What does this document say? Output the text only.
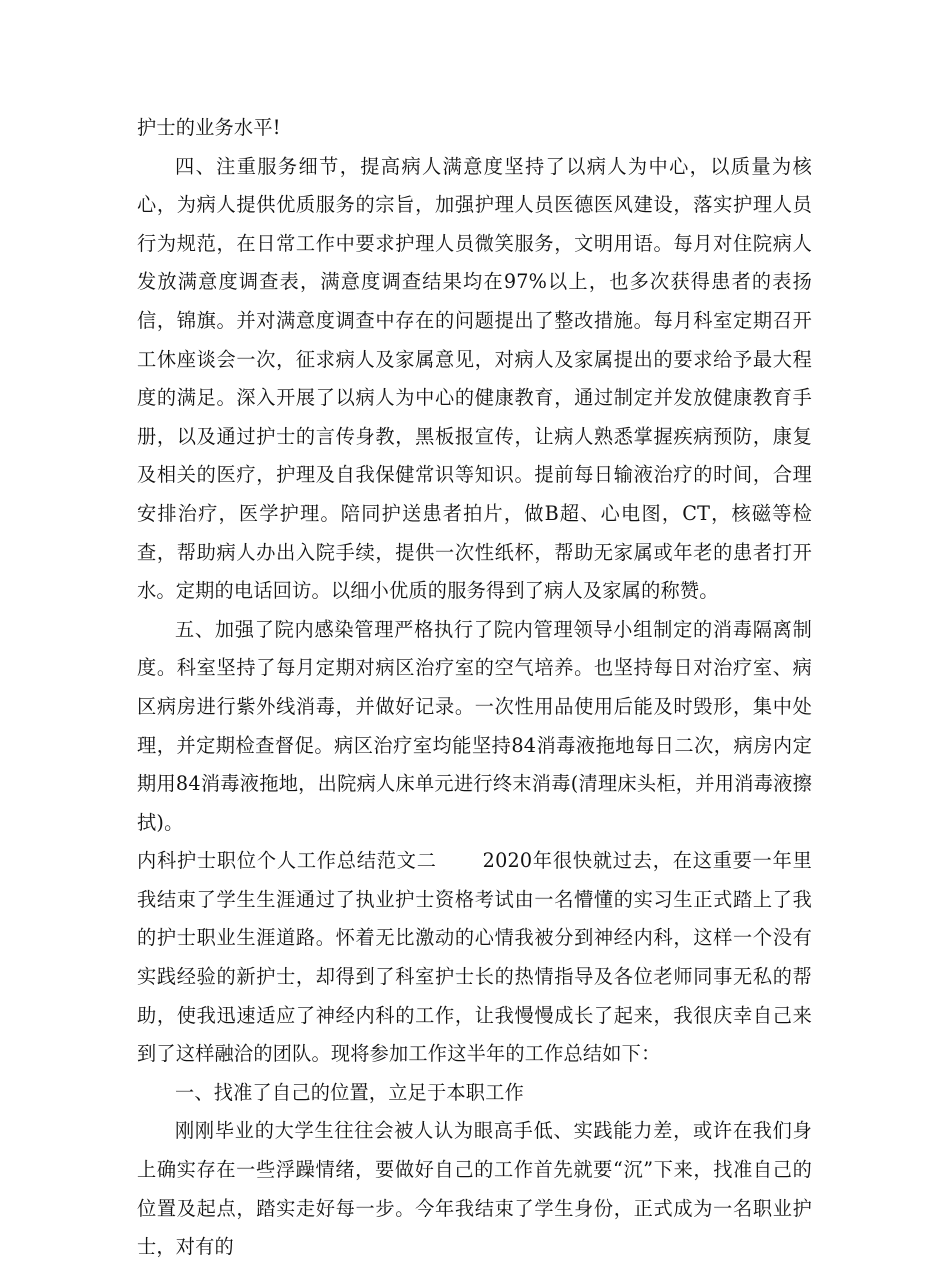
护士的业务水平!

四、注重服务细节，提高病人满意度坚持了以病人为中心，以质量为核心，为病人提供优质服务的宗旨，加强护理人员医德医风建设，落实护理人员行为规范，在日常工作中要求护理人员微笑服务，文明用语。每月对住院病人发放满意度调查表，满意度调查结果均在97%以上，也多次获得患者的表扬信，锦旗。并对满意度调查中存在的问题提出了整改措施。每月科室定期召开工休座谈会一次，征求病人及家属意见，对病人及家属提出的要求给予最大程度的满足。深入开展了以病人为中心的健康教育，通过制定并发放健康教育手册，以及通过护士的言传身教，黑板报宣传，让病人熟悉掌握疾病预防，康复及相关的医疗，护理及自我保健常识等知识。提前每日输液治疗的时间，合理安排治疗，医学护理。陪同护送患者拍片，做B超、心电图，CT，核磁等检查，帮助病人办出入院手续，提供一次性纸杯，帮助无家属或年老的患者打开水。定期的电话回访。以细小优质的服务得到了病人及家属的称赞。

五、加强了院内感染管理严格执行了院内管理领导小组制定的消毒隔离制度。科室坚持了每月定期对病区治疗室的空气培养。也坚持每日对治疗室、病区病房进行紫外线消毒，并做好记录。一次性用品使用后能及时毁形，集中处理，并定期检查督促。病区治疗室均能坚持84消毒液拖地每日二次，病房内定期用84消毒液拖地，出院病人床单元进行终末消毒(清理床头柜，并用消毒液擦拭)。

内科护士职位个人工作总结范文二 2020年很快就过去，在这重要一年里我结束了学生生涯通过了执业护士资格考试由一名懵懂的实习生正式踏上了我的护士职业生涯道路。怀着无比激动的心情我被分到神经内科，这样一个没有实践经验的新护士，却得到了科室护士长的热情指导及各位老师同事无私的帮助，使我迅速适应了神经内科的工作，让我慢慢成长了起来，我很庆幸自己来到了这样融洽的团队。现将参加工作这半年的工作总结如下：

一、找准了自己的位置，立足于本职工作

刚刚毕业的大学生往往会被人认为眼高手低、实践能力差，或许在我们身上确实存在一些浮躁情绪，要做好自己的工作首先就要“沉”下来，找准自己的位置及起点，踏实走好每一步。今年我结束了学生身份，正式成为一名职业护士，对有的
